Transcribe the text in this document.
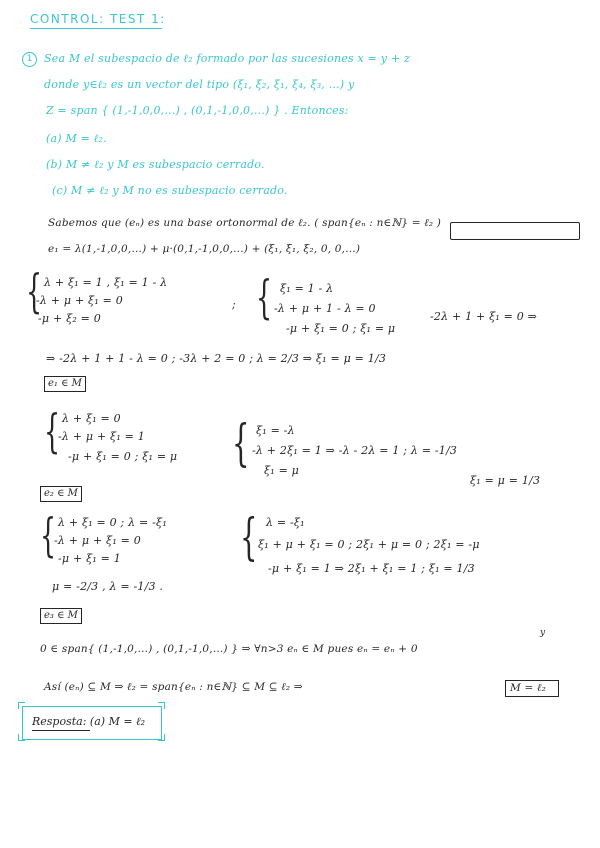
CONTROL: TEST 1:
1	Sea M el subespacio de ℓ₂ formado por las sucesiones x = y + z
donde y∈ℓ₂ es un vector del tipo (ξ₁, ξ₂, ξ₁, ξ₄, ξ₃, ...) y
Z = span { (1,-1,0,0,...) , (0,1,-1,0,0,...) } . Entonces:
(a) M = ℓ₂.
(b) M ≠ ℓ₂ y M es subespacio cerrado.
(c) M ≠ ℓ₂ y M no es subespacio cerrado.
Sabemos que (eₙ) es una base ortonormal de ℓ₂. ( span{eₙ : n∈ℕ} = ℓ₂ )
e₁ = λ(1,-1,0,0,...) + μ·(0,1,-1,0,0,...) + (ξ₁, ξ₁, ξ₂, 0, 0,...)
{ λ + ξ₁ = 1 , ξ₁ = 1 - λ
-λ + μ + ξ₁ = 0
-μ + ξ₂ = 0
; { ξ₁ = 1 - λ
-λ + μ + 1 - λ = 0
-μ + ξ₁ = 0 ; ξ₁ = μ
-2λ + 1 + ξ₁ = 0 ⇒
⇒ -2λ + 1 + 1 - λ = 0 ; -3λ + 2 = 0 ; λ = 2/3 ⇒ ξ₁ = μ = 1/3
e₁ ∈ M
{ λ + ξ₁ = 0
-λ + μ + ξ₁ = 1
-μ + ξ₁ = 0 ; ξ₁ = μ { ξ₁ = -λ
-λ + 2ξ₁ = 1 ⇒ -λ - 2λ = 1 ; λ = -1/3
ξ₁ = μ
ξ₁ = μ = 1/3
e₂ ∈ M
{ λ + ξ₁ = 0 ; λ = -ξ₁
-λ + μ + ξ₁ = 0
-μ + ξ₁ = 1 { λ = -ξ₁
ξ₁ + μ + ξ₁ = 0 ; 2ξ₁ + μ = 0 ; 2ξ₁ = -μ
-μ + ξ₁ = 1 ⇒ 2ξ₁ + ξ₁ = 1 ; ξ₁ = 1/3
μ = -2/3 , λ = -1/3 .
e₃ ∈ M
y
0 ∈ span{ (1,-1,0,...) , (0,1,-1,0,...) } ⇒ ∀n>3 eₙ ∈ M pues eₙ = eₙ + 0
Así (eₙ) ⊆ M ⇒ ℓ₂ = span{eₙ : n∈ℕ} ⊆ M ⊆ ℓ₂ ⇒	M = ℓ₂
Resposta: (a) M = ℓ₂
